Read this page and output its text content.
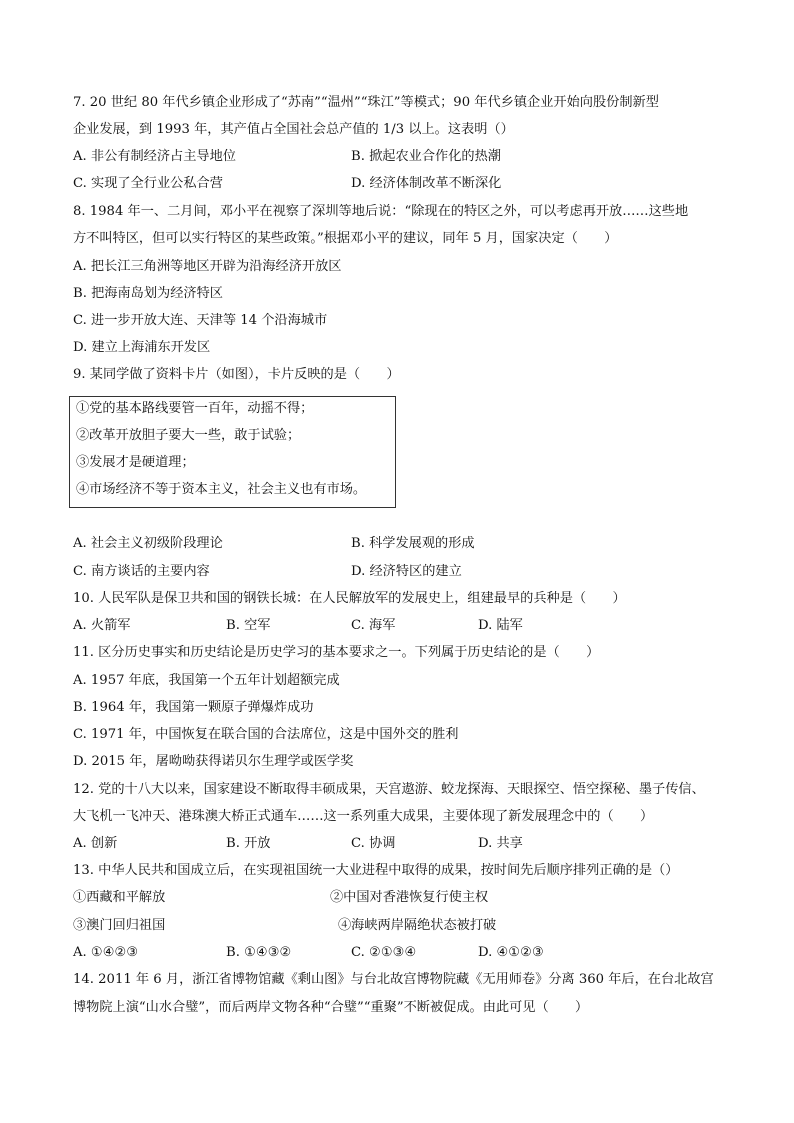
7. 20 世纪 80 年代乡镇企业形成了“苏南”“温州”“珠江”等模式；90 年代乡镇企业开始向股份制新型
企业发展，到 1993 年，其产值占全国社会总产值的 1/3 以上。这表明（）
A. 非公有制经济占主导地位	B. 掀起农业合作化的热潮
C. 实现了全行业公私合营	D. 经济体制改革不断深化
8. 1984 年一、二月间，邓小平在视察了深圳等地后说：“除现在的特区之外，可以考虑再开放……这些地
方不叫特区，但可以实行特区的某些政策。”根据邓小平的建议，同年 5 月，国家决定（　　）
A. 把长江三角洲等地区开辟为沿海经济开放区
B. 把海南岛划为经济特区
C. 进一步开放大连、天津等 14 个沿海城市
D. 建立上海浦东开发区
9. 某同学做了资料卡片（如图），卡片反映的是（　　）
①党的基本路线要管一百年，动摇不得；
②改革开放胆子要大一些，敢于试验；
③发展才是硬道理；
④市场经济不等于资本主义，社会主义也有市场。
A. 社会主义初级阶段理论	B. 科学发展观的形成
C. 南方谈话的主要内容	D. 经济特区的建立
10. 人民军队是保卫共和国的钢铁长城：在人民解放军的发展史上，组建最早的兵种是（　　）
A. 火箭军	B. 空军	C. 海军	D. 陆军
11. 区分历史事实和历史结论是历史学习的基本要求之一。下列属于历史结论的是（　　）
A. 1957 年底，我国第一个五年计划超额完成
B. 1964 年，我国第一颗原子弹爆炸成功
C. 1971 年，中国恢复在联合国的合法席位，这是中国外交的胜利
D. 2015 年，屠呦呦获得诺贝尔生理学或医学奖
12. 党的十八大以来，国家建设不断取得丰硕成果，天宫遨游、蛟龙探海、天眼探空、悟空探秘、墨子传信、
大飞机一飞冲天、港珠澳大桥正式通车……这一系列重大成果，主要体现了新发展理念中的（　　）
A. 创新	B. 开放	C. 协调	D. 共享
13. 中华人民共和国成立后，在实现祖国统一大业进程中取得的成果，按时间先后顺序排列正确的是（）
①西藏和平解放	②中国对香港恢复行使主权
③澳门回归祖国	④海峡两岸隔绝状态被打破
A. ①④②③	B. ①④③②	C. ②①③④	D. ④①②③
14. 2011 年 6 月，浙江省博物馆藏《剩山图》与台北故宫博物院藏《无用师卷》分离 360 年后，在台北故宫
博物院上演“山水合璧”，而后两岸文物各种“合璧”“重聚”不断被促成。由此可见（　　）
